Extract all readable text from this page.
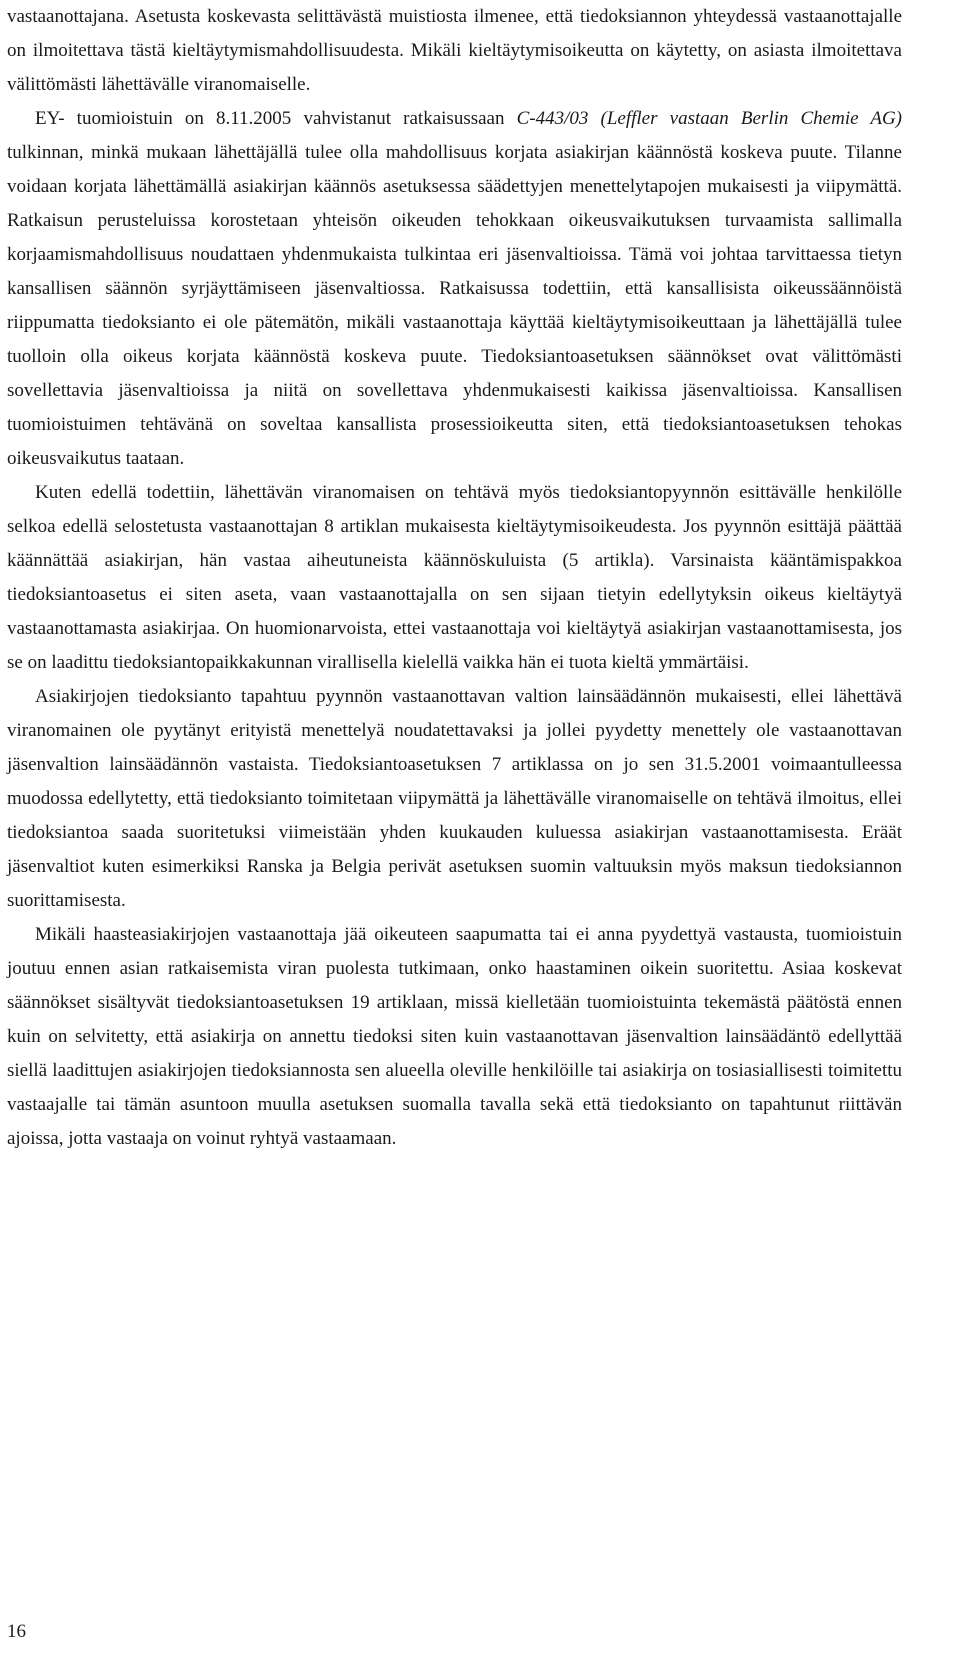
vastaanottajana. Asetusta koskevasta selittävästä muistiosta ilmenee, että tiedoksiannon yhteydessä vastaanottajalle on ilmoitettava tästä kieltäytymismahdollisuudesta. Mikäli kieltäytymisoikeutta on käytetty, on asiasta ilmoitettava välittömästi lähettävälle viranomaiselle.

EY- tuomioistuin on 8.11.2005 vahvistanut ratkaisussaan C-443/03 (Leffler vastaan Berlin Chemie AG) tulkinnan, minkä mukaan lähettäjällä tulee olla mahdollisuus korjata asiakirjan käännöstä koskeva puute. Tilanne voidaan korjata lähettämällä asiakirjan käännös asetuksessa säädettyjen menettelytapojen mukaisesti ja viipymättä. Ratkaisun perusteluissa korostetaan yhteisön oikeuden tehokkaan oikeusvaikutuksen turvaamista sallimalla korjaamismahdollisuus noudattaen yhdenmukaista tulkintaa eri jäsenvaltioissa. Tämä voi johtaa tarvittaessa tietyn kansallisen säännön syrjäyttämiseen jäsenvaltiossa. Ratkaisussa todettiin, että kansallisista oikeussäännöistä riippumatta tiedoksianto ei ole pätemätön, mikäli vastaanottaja käyttää kieltäytymisoikeuttaan ja lähettäjällä tulee tuolloin olla oikeus korjata käännöstä koskeva puute. Tiedoksiantoasetuksen säännökset ovat välittömästi sovellettavia jäsenvaltioissa ja niitä on sovellettava yhdenmukaisesti kaikissa jäsenvaltioissa. Kansallisen tuomioistuimen tehtävänä on soveltaa kansallista prosessioikeutta siten, että tiedoksiantoasetuksen tehokas oikeusvaikutus taataan.

Kuten edellä todettiin, lähettävän viranomaisen on tehtävä myös tiedoksiantopyynnön esittävälle henkilölle selkoa edellä selostetusta vastaanottajan 8 artiklan mukaisesta kieltäytymisoikeudesta. Jos pyynnön esittäjä päättää käännättää asiakirjan, hän vastaa aiheutuneista käännöskuluista (5 artikla). Varsinaista kääntämispakkoa tiedoksiantoasetus ei siten aseta, vaan vastaanottajalla on sen sijaan tietyin edellytyksin oikeus kieltäytyä vastaanottamasta asiakirjaa. On huomionarvoista, ettei vastaanottaja voi kieltäytyä asiakirjan vastaanottamisesta, jos se on laadittu tiedoksiantopaikkakunnan virallisella kielellä vaikka hän ei tuota kieltä ymmärtäisi.

Asiakirjojen tiedoksianto tapahtuu pyynnön vastaanottavan valtion lainsäädännön mukaisesti, ellei lähettävä viranomainen ole pyytänyt erityistä menettelyä noudatettavaksi ja jollei pyydetty menettely ole vastaanottavan jäsenvaltion lainsäädännön vastaista. Tiedoksiantoasetuksen 7 artiklassa on jo sen 31.5.2001 voimaantulleessa muodossa edellytetty, että tiedoksianto toimitetaan viipymättä ja lähettävälle viranomaiselle on tehtävä ilmoitus, ellei tiedoksiantoa saada suoritetuksi viimeistään yhden kuukauden kuluessa asiakirjan vastaanottamisesta. Eräät jäsenvaltiot kuten esimerkiksi Ranska ja Belgia perivät asetuksen suomin valtuuksin myös maksun tiedoksiannon suorittamisesta.

Mikäli haasteasiakirjojen vastaanottaja jää oikeuteen saapumatta tai ei anna pyydettyä vastausta, tuomioistuin joutuu ennen asian ratkaisemista viran puolesta tutkimaan, onko haastaminen oikein suoritettu. Asiaa koskevat säännökset sisältyvät tiedoksiantoasetuksen 19 artiklaan, missä kielletään tuomioistuinta tekemästä päätöstä ennen kuin on selvitetty, että asiakirja on annettu tiedoksi siten kuin vastaanottavan jäsenvaltion lainsäädäntö edellyttää siellä laadittujen asiakirjojen tiedoksiannosta sen alueella oleville henkilöille tai asiakirja on tosiasiallisesti toimitettu vastaajalle tai tämän asuntoon muulla asetuksen suomalla tavalla sekä että tiedoksianto on tapahtunut riittävän ajoissa, jotta vastaaja on voinut ryhtyä vastaamaan.

16
